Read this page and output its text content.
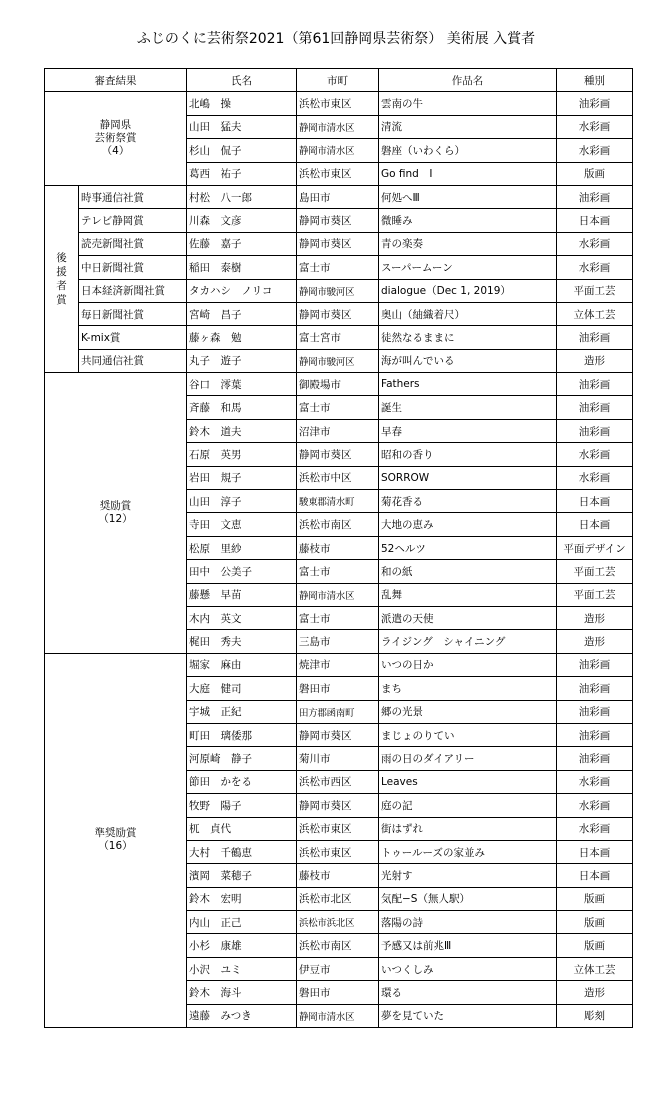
ふじのくに芸術祭2021（第61回静岡県芸術祭） 美術展 入賞者
審査結果		氏名	市町	作品名	種別

静岡県
芸術祭賞
（4）		北嶋　操	浜松市東区	雲南の牛	油彩画
		山田　猛夫	静岡市清水区	清流	水彩画
		杉山　侃子	静岡市清水区	磐座（いわくら）	水彩画
		葛西　祐子	浜松市東区	Go find　I	版画

後
援
者
賞	時事通信社賞	村松　八一郎	島田市	何処へⅢ	油彩画
	テレビ静岡賞	川森　文彦	静岡市葵区	微睡み	日本画
	読売新聞社賞	佐藤　嘉子	静岡市葵区	青の楽奏	水彩画
	中日新聞社賞	稲田　泰樹	富士市	スーパームーン	水彩画
	日本経済新聞社賞	タカハシ　ノリコ	静岡市駿河区	dialogue（Dec 1, 2019）	平面工芸
	毎日新聞社賞	宮崎　昌子	静岡市葵区	奥山（紬織着尺）	立体工芸
	K-mix賞	藤ヶ森　勉	富士宮市	徒然なるままに	油彩画
	共同通信社賞	丸子　遊子	静岡市駿河区	海が叫んでいる	造形

奨励賞
（12）		谷口　澪葉	御殿場市	Fathers	油彩画
		斉藤　和馬	富士市	誕生	油彩画
		鈴木　道夫	沼津市	早春	油彩画
		石原　英男	静岡市葵区	昭和の香り	水彩画
		岩田　規子	浜松市中区	SORROW	水彩画
		山田　淳子	駿東郡清水町	菊花香る	日本画
		寺田　文恵	浜松市南区	大地の恵み	日本画
		松原　里紗	藤枝市	52ヘルツ	平面デザイン
		田中　公美子	富士市	和の紙	平面工芸
		藤懸　早苗	静岡市清水区	乱舞	平面工芸
		木内　英文	富士市	派遣の天使	造形
		梶田　秀夫	三島市	ライジング　シャイニング	造形

準奨励賞
（16）		堀家　麻由	焼津市	いつの日か	油彩画
		大庭　健司	磐田市	まち	油彩画
		宇城　正紀	田方郡函南町	郷の光景	油彩画
		町田　璃倭那	静岡市葵区	まじょのりてい	油彩画
		河原崎　静子	菊川市	雨の日のダイアリー	油彩画
		節田　かをる	浜松市西区	Leaves	水彩画
		牧野　陽子	静岡市葵区	庭の記	水彩画
		杌　貞代	浜松市東区	街はずれ	水彩画
		大村　千鶴恵	浜松市東区	トゥールーズの家並み	日本画
		濱岡　菜穂子	藤枝市	光射す	日本画
		鈴木　宏明	浜松市北区	気配−S（無人駅）	版画
		内山　正己	浜松市浜北区	落陽の詩	版画
		小杉　康雄	浜松市南区	予感又は前兆Ⅲ	版画
		小沢　ユミ	伊豆市	いつくしみ	立体工芸
		鈴木　海斗	磐田市	環る	造形
		遠藤　みつき	静岡市清水区	夢を見ていた	彫刻
